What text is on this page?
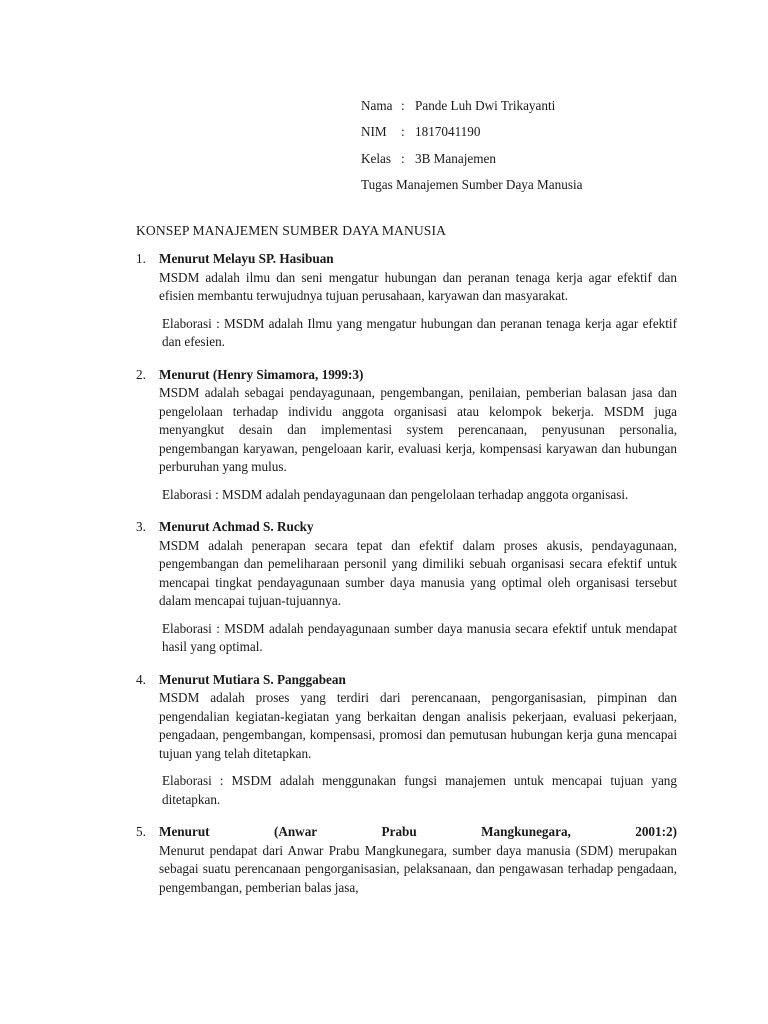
Nama : Pande Luh Dwi Trikayanti
NIM	: 1817041190
Kelas : 3B Manajemen
Tugas Manajemen Sumber Daya Manusia
KONSEP MANAJEMEN SUMBER DAYA MANUSIA
1. Menurut Melayu SP. Hasibuan
MSDM adalah ilmu dan seni mengatur hubungan dan peranan tenaga kerja agar efektif dan efisien membantu terwujudnya tujuan perusahaan, karyawan dan masyarakat.
Elaborasi : MSDM adalah Ilmu yang mengatur hubungan dan peranan tenaga kerja agar efektif dan efesien.
2. Menurut (Henry Simamora, 1999:3)
MSDM adalah sebagai pendayagunaan, pengembangan, penilaian, pemberian balasan jasa dan pengelolaan terhadap individu anggota organisasi atau kelompok bekerja. MSDM juga menyangkut desain dan implementasi system perencanaan, penyusunan personalia, pengembangan karyawan, pengeloaan karir, evaluasi kerja, kompensasi karyawan dan hubungan perburuhan yang mulus.
Elaborasi : MSDM adalah pendayagunaan dan pengelolaan terhadap anggota organisasi.
3. Menurut Achmad S. Rucky
MSDM adalah penerapan secara tepat dan efektif dalam proses akusis, pendayagunaan, pengembangan dan pemeliharaan personil yang dimiliki sebuah organisasi secara efektif untuk mencapai tingkat pendayagunaan sumber daya manusia yang optimal oleh organisasi tersebut dalam mencapai tujuan-tujuannya.
Elaborasi : MSDM adalah pendayagunaan sumber daya manusia secara efektif untuk mendapat hasil yang optimal.
4. Menurut Mutiara S. Panggabean
MSDM adalah proses yang terdiri dari perencanaan, pengorganisasian, pimpinan dan pengendalian kegiatan-kegiatan yang berkaitan dengan analisis pekerjaan, evaluasi pekerjaan, pengadaan, pengembangan, kompensasi, promosi dan pemutusan hubungan kerja guna mencapai tujuan yang telah ditetapkan.
Elaborasi : MSDM adalah menggunakan fungsi manajemen untuk mencapai tujuan yang ditetapkan.
5. Menurut	(Anwar	Prabu	Mangkunegara,	2001:2)
Menurut pendapat dari Anwar Prabu Mangkunegara, sumber daya manusia (SDM) merupakan sebagai suatu perencanaan pengorganisasian, pelaksanaan, dan pengawasan terhadap pengadaan, pengembangan, pemberian balas jasa,
